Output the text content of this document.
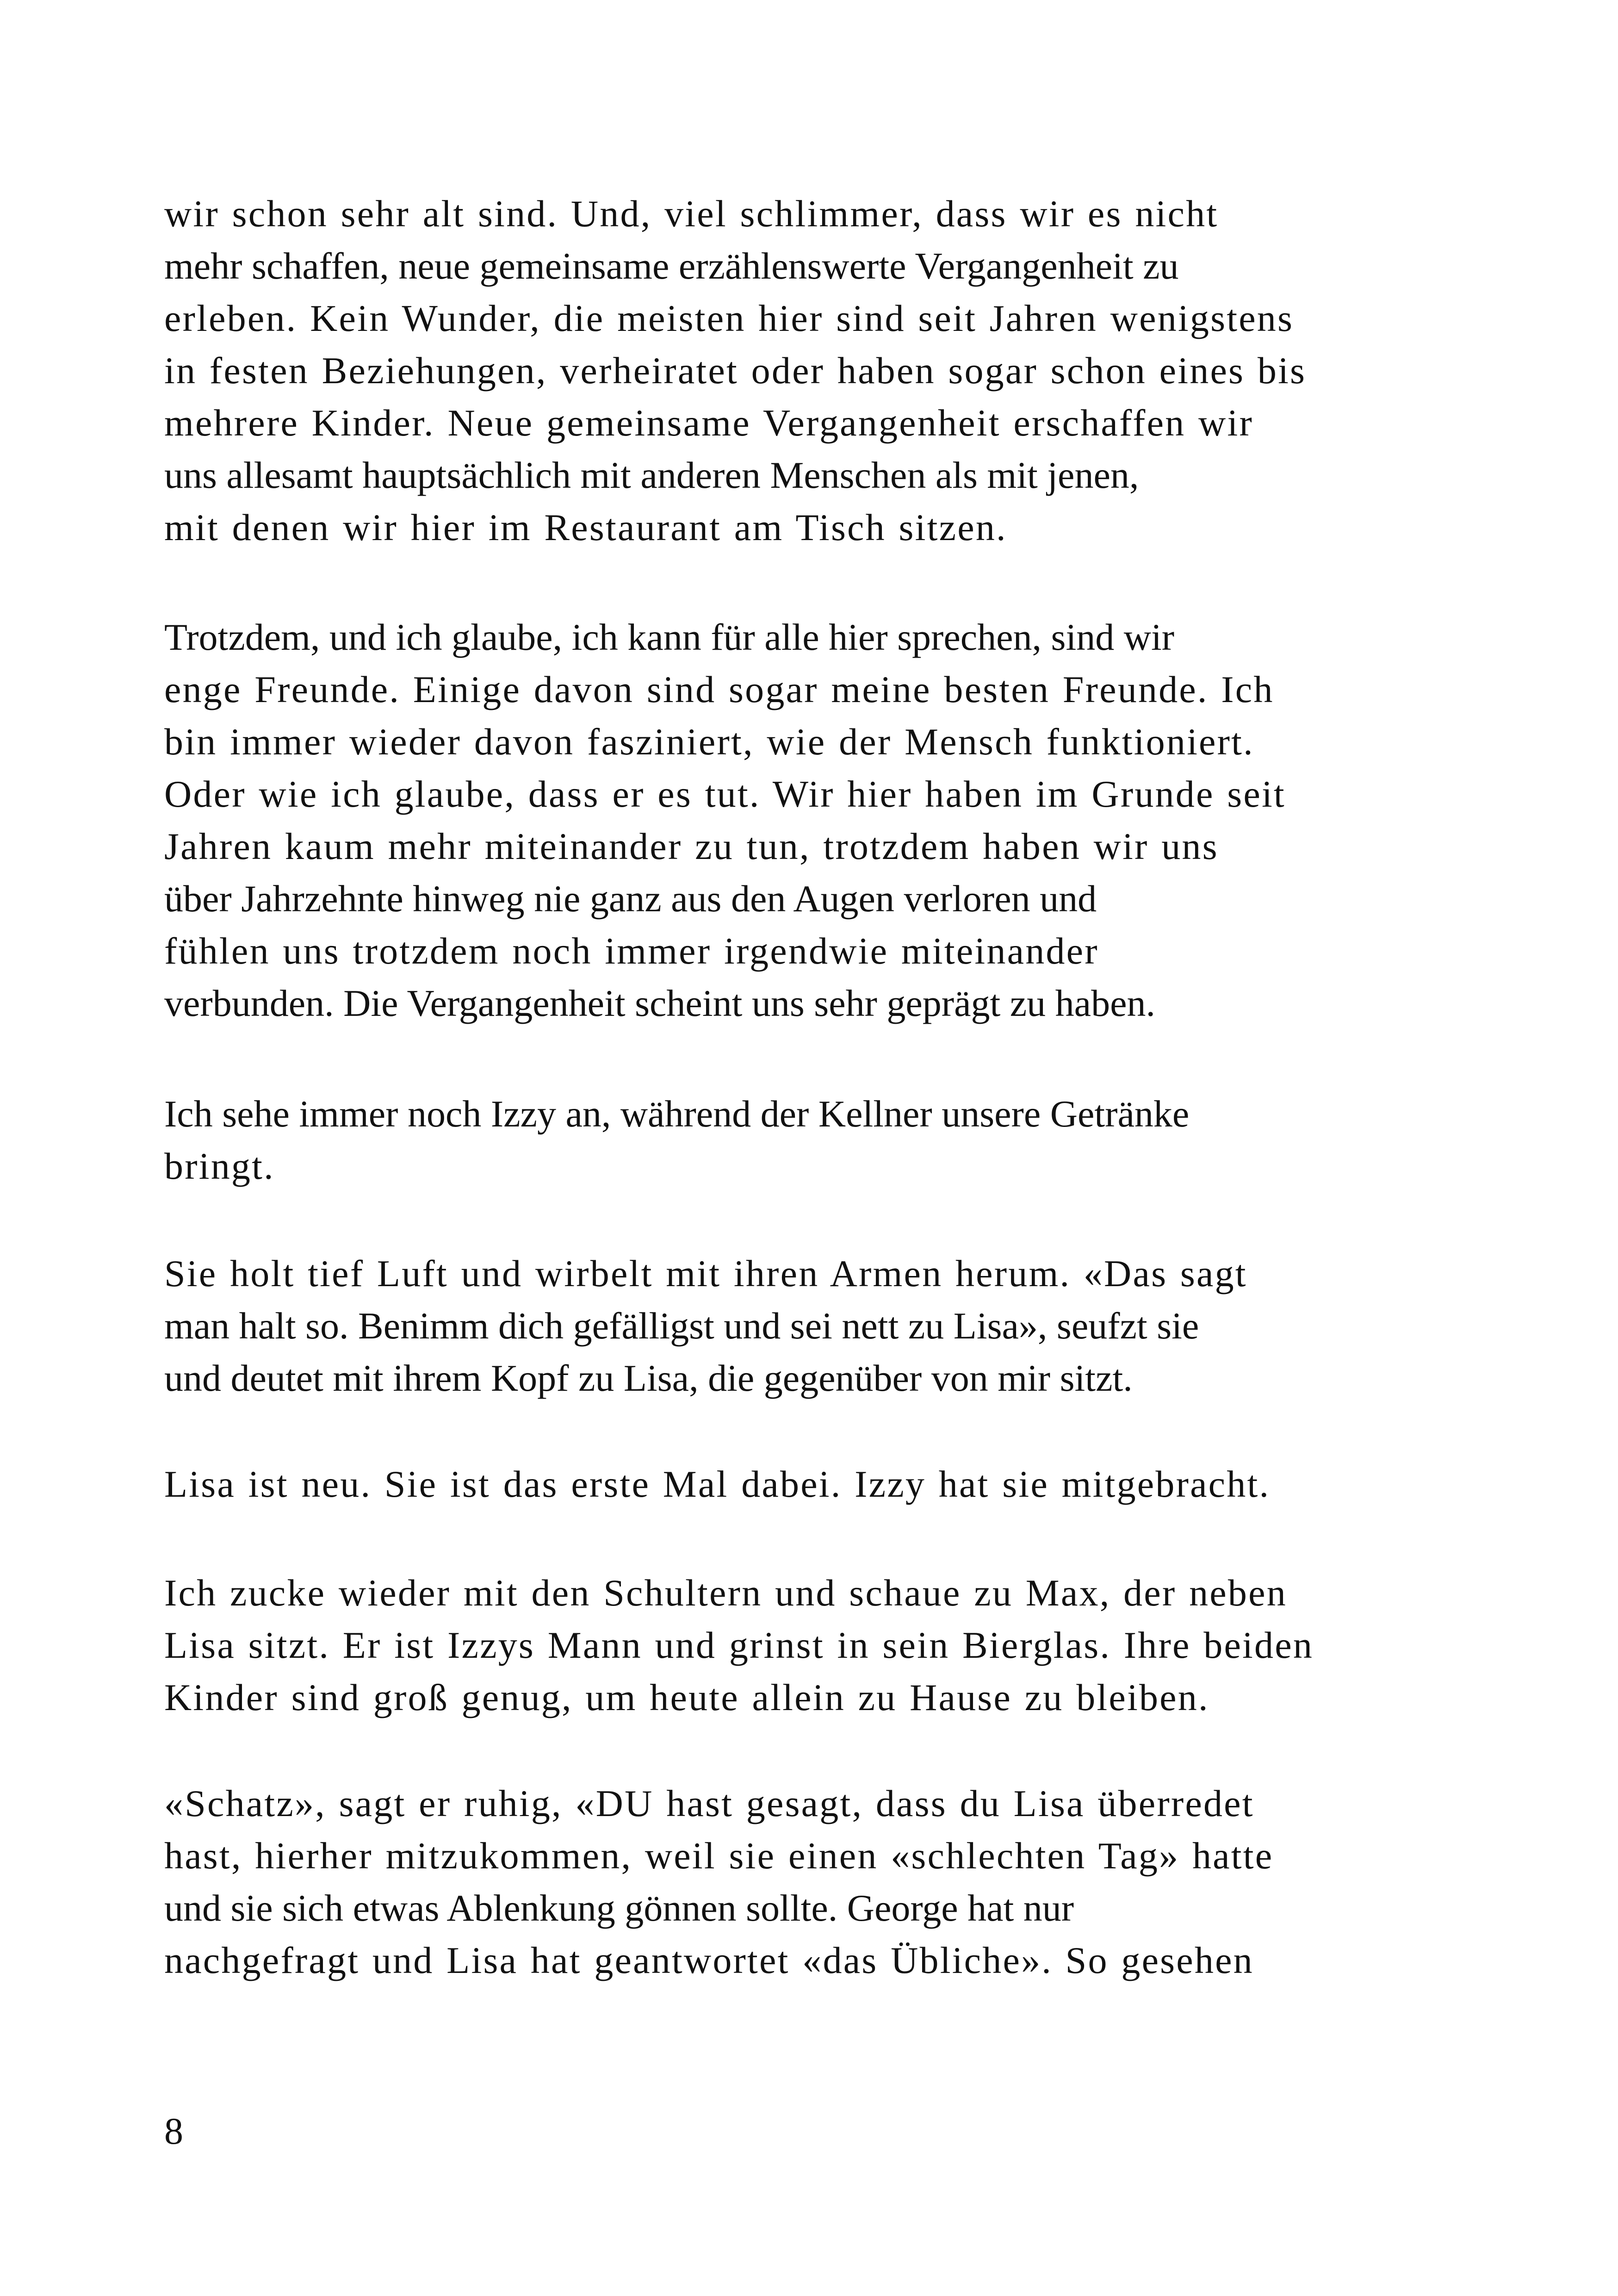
wir schon sehr alt sind. Und, viel schlimmer, dass wir es nicht
mehr schaffen, neue gemeinsame erzählenswerte Vergangenheit zu
erleben. Kein Wunder, die meisten hier sind seit Jahren wenigstens
in festen Beziehungen, verheiratet oder haben sogar schon eines bis
mehrere Kinder. Neue gemeinsame Vergangenheit erschaffen wir
uns allesamt hauptsächlich mit anderen Menschen als mit jenen,
mit denen wir hier im Restaurant am Tisch sitzen.
Trotzdem, und ich glaube, ich kann für alle hier sprechen, sind wir
enge Freunde. Einige davon sind sogar meine besten Freunde. Ich
bin immer wieder davon fasziniert, wie der Mensch funktioniert.
Oder wie ich glaube, dass er es tut. Wir hier haben im Grunde seit
Jahren kaum mehr miteinander zu tun, trotzdem haben wir uns
über Jahrzehnte hinweg nie ganz aus den Augen verloren und
fühlen uns trotzdem noch immer irgendwie miteinander
verbunden. Die Vergangenheit scheint uns sehr geprägt zu haben.
Ich sehe immer noch Izzy an, während der Kellner unsere Getränke
bringt.
Sie holt tief Luft und wirbelt mit ihren Armen herum. «Das sagt
man halt so. Benimm dich gefälligst und sei nett zu Lisa», seufzt sie
und deutet mit ihrem Kopf zu Lisa, die gegenüber von mir sitzt.
Lisa ist neu. Sie ist das erste Mal dabei. Izzy hat sie mitgebracht.
Ich zucke wieder mit den Schultern und schaue zu Max, der neben
Lisa sitzt. Er ist Izzys Mann und grinst in sein Bierglas. Ihre beiden
Kinder sind groß genug, um heute allein zu Hause zu bleiben.
«Schatz», sagt er ruhig, «DU hast gesagt, dass du Lisa überredet
hast, hierher mitzukommen, weil sie einen «schlechten Tag» hatte
und sie sich etwas Ablenkung gönnen sollte. George hat nur
nachgefragt und Lisa hat geantwortet «das Übliche». So gesehen

8
